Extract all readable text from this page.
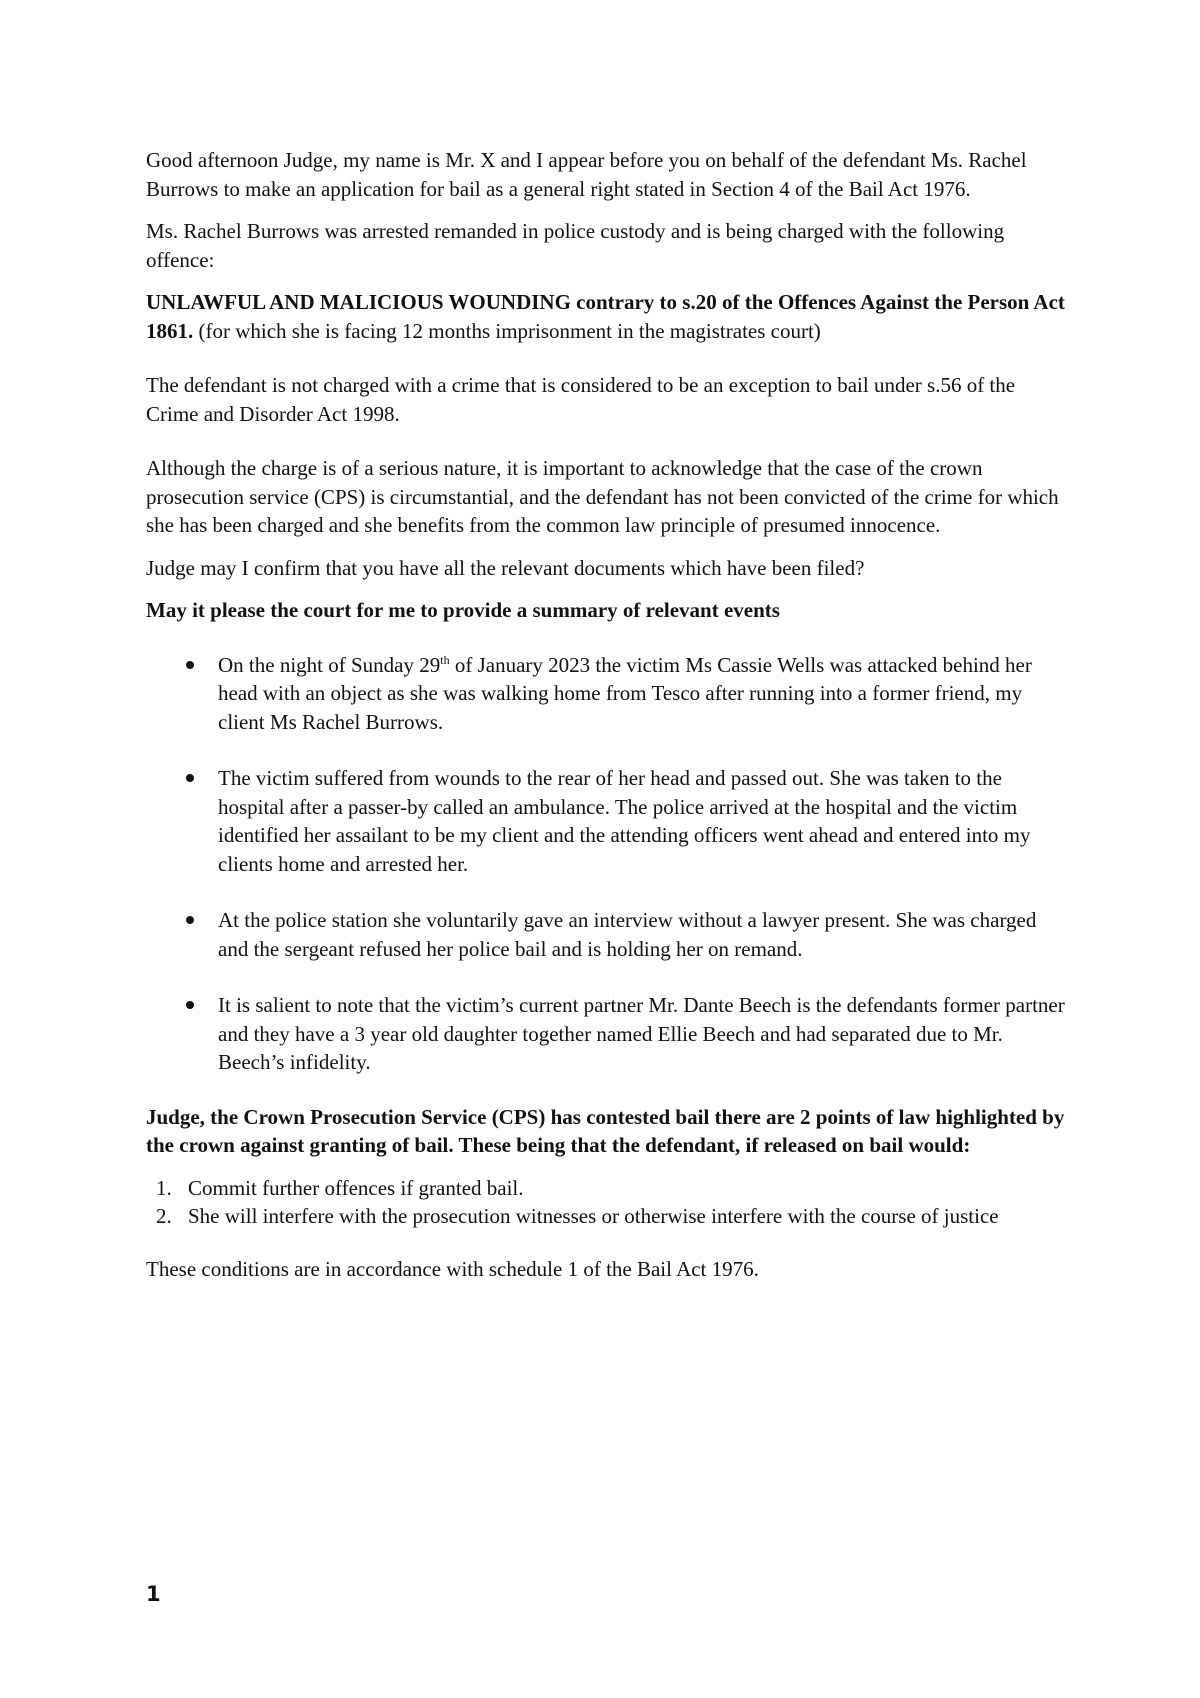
Good afternoon Judge, my name is Mr. X and I appear before you on behalf of the defendant Ms. Rachel Burrows to make an application for bail as a general right stated in Section 4 of the Bail Act 1976.

Ms. Rachel Burrows was arrested remanded in police custody and is being charged with the following offence:

UNLAWFUL AND MALICIOUS WOUNDING contrary to s.20 of the Offences Against the Person Act 1861. (for which she is facing 12 months imprisonment in the magistrates court)

The defendant is not charged with a crime that is considered to be an exception to bail under s.56 of the Crime and Disorder Act 1998.

Although the charge is of a serious nature, it is important to acknowledge that the case of the crown prosecution service (CPS) is circumstantial, and the defendant has not been convicted of the crime for which she has been charged and she benefits from the common law principle of presumed innocence.

Judge may I confirm that you have all the relevant documents which have been filed?

May it please the court for me to provide a summary of relevant events

On the night of Sunday 29th of January 2023 the victim Ms Cassie Wells was attacked behind her head with an object as she was walking home from Tesco after running into a former friend, my client Ms Rachel Burrows.
The victim suffered from wounds to the rear of her head and passed out. She was taken to the hospital after a passer-by called an ambulance. The police arrived at the hospital and the victim identified her assailant to be my client and the attending officers went ahead and entered into my clients home and arrested her.
At the police station she voluntarily gave an interview without a lawyer present. She was charged and the sergeant refused her police bail and is holding her on remand.
It is salient to note that the victim’s current partner Mr. Dante Beech is the defendants former partner and they have a 3 year old daughter together named Ellie Beech and had separated due to Mr. Beech’s infidelity.

Judge, the Crown Prosecution Service (CPS) has contested bail there are 2 points of law highlighted by the crown against granting of bail. These being that the defendant, if released on bail would:

1. Commit further offences if granted bail.
2. She will interfere with the prosecution witnesses or otherwise interfere with the course of justice

These conditions are in accordance with schedule 1 of the Bail Act 1976.

1
